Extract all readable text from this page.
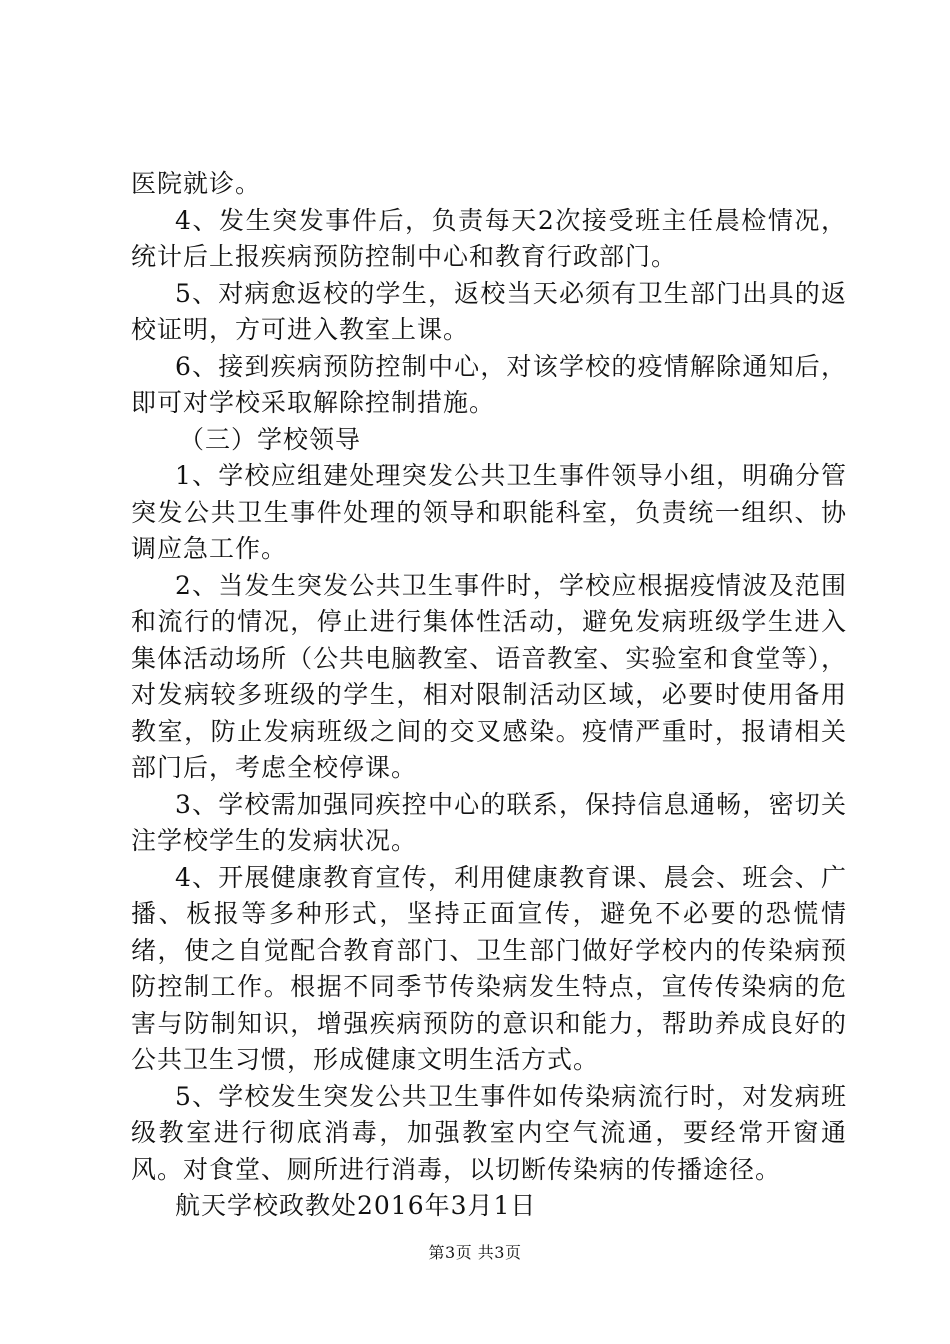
医院就诊。

4、发生突发事件后，负责每天2次接受班主任晨检情况，统计后上报疾病预防控制中心和教育行政部门。

5、对病愈返校的学生，返校当天必须有卫生部门出具的返校证明，方可进入教室上课。

6、接到疾病预防控制中心，对该学校的疫情解除通知后，即可对学校采取解除控制措施。

（三）学校领导

1、学校应组建处理突发公共卫生事件领导小组，明确分管突发公共卫生事件处理的领导和职能科室，负责统一组织、协调应急工作。

2、当发生突发公共卫生事件时，学校应根据疫情波及范围和流行的情况，停止进行集体性活动，避免发病班级学生进入集体活动场所（公共电脑教室、语音教室、实验室和食堂等），对发病较多班级的学生，相对限制活动区域，必要时使用备用教室，防止发病班级之间的交叉感染。疫情严重时，报请相关部门后，考虑全校停课。

3、学校需加强同疾控中心的联系，保持信息通畅，密切关注学校学生的发病状况。

4、开展健康教育宣传，利用健康教育课、晨会、班会、广播、板报等多种形式，坚持正面宣传，避免不必要的恐慌情绪，使之自觉配合教育部门、卫生部门做好学校内的传染病预防控制工作。根据不同季节传染病发生特点，宣传传染病的危害与防制知识，增强疾病预防的意识和能力，帮助养成良好的公共卫生习惯，形成健康文明生活方式。

5、学校发生突发公共卫生事件如传染病流行时，对发病班级教室进行彻底消毒，加强教室内空气流通，要经常开窗通风。对食堂、厕所进行消毒，以切断传染病的传播途径。

航天学校政教处2016年3月1日

第3页 共3页
